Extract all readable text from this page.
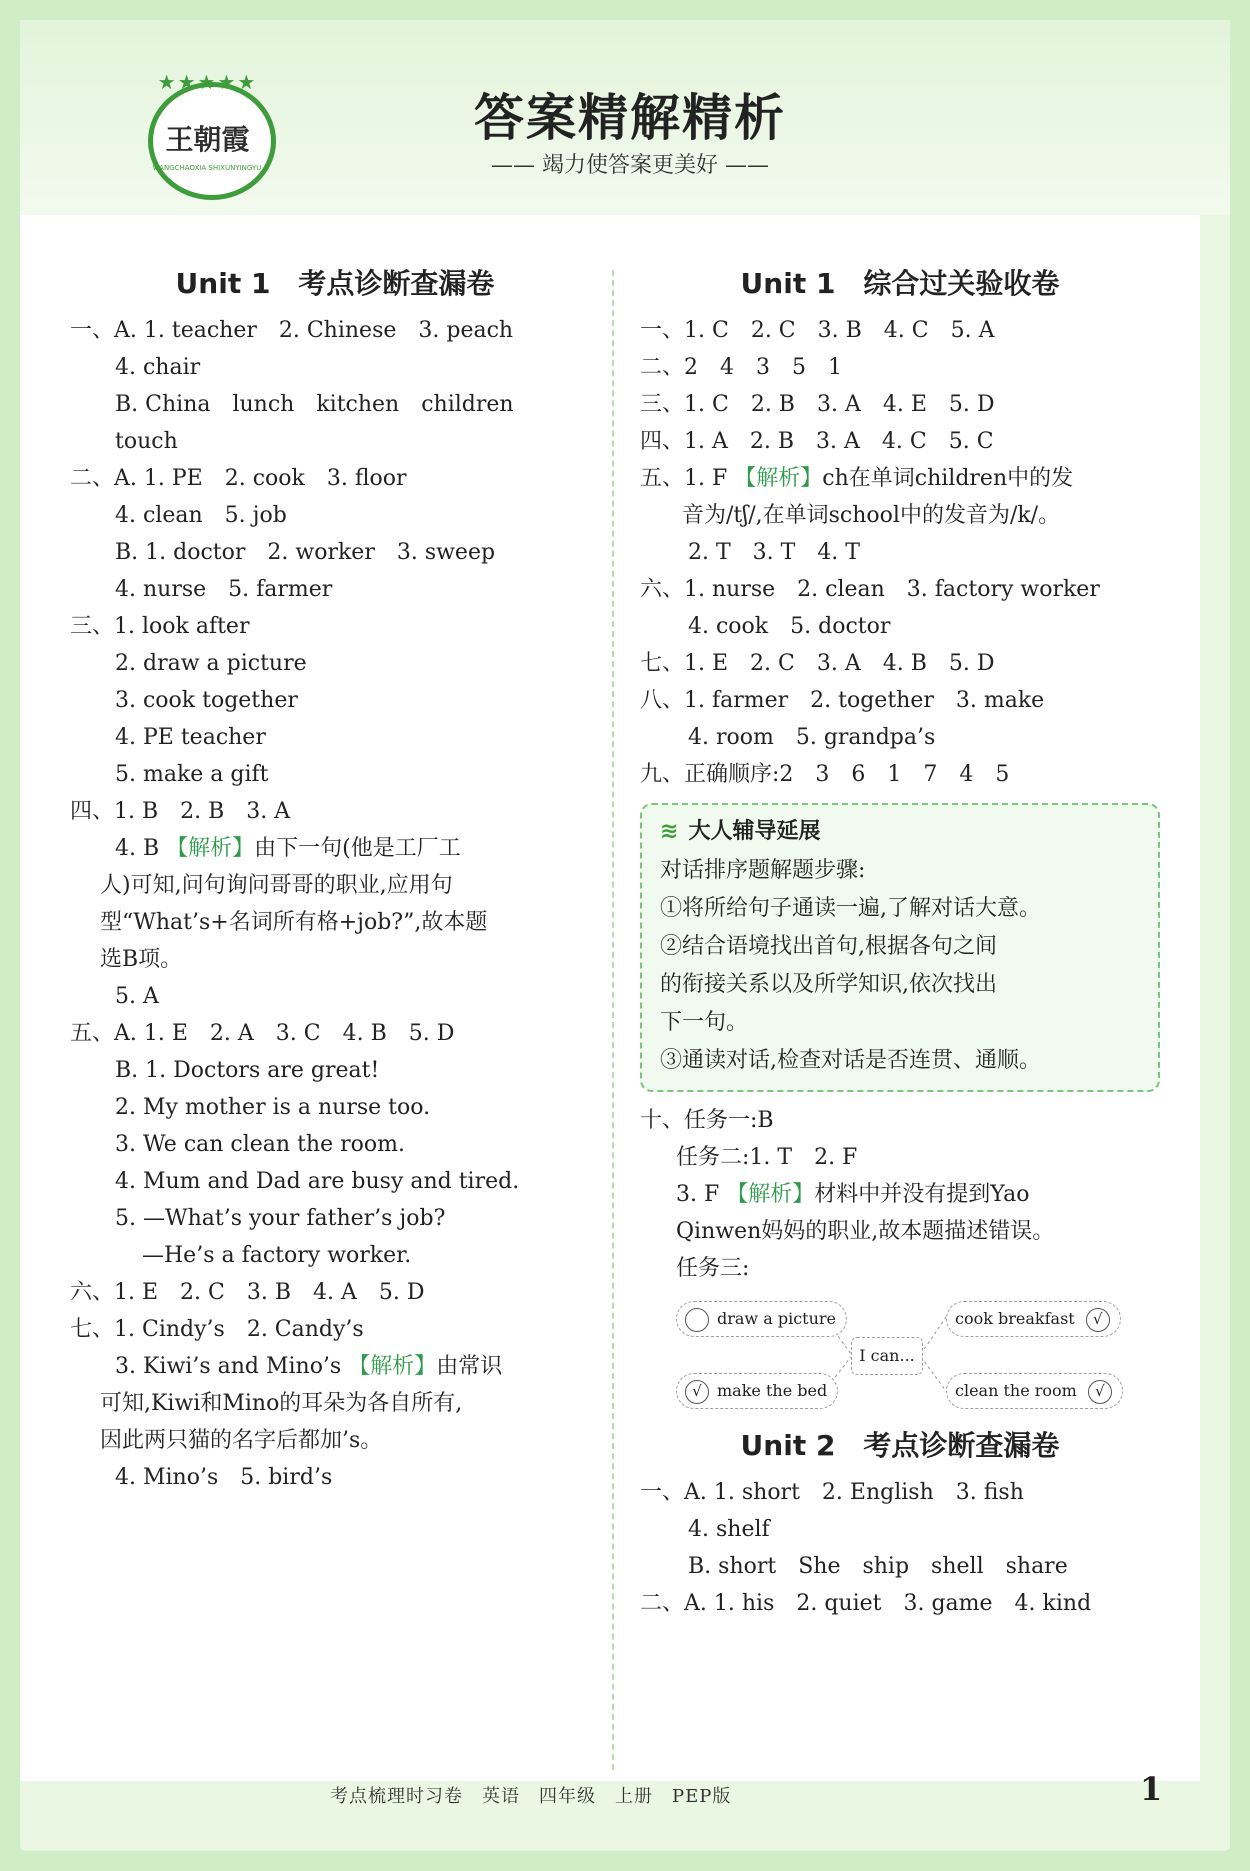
★★★★★
王朝霞
WANGCHAOXIA SHIXUNYINGYU
答案精解精析
—— 竭力使答案更美好 ——
Unit 1　考点诊断查漏卷
一、A. 1. teacher　2. Chinese　3. peach
4. chair
B. China　lunch　kitchen　children
touch
二、A. 1. PE　2. cook　3. floor
4. clean　5. job
B. 1. doctor　2. worker　3. sweep
4. nurse　5. farmer
三、1. look after
2. draw a picture
3. cook together
4. PE teacher
5. make a gift
四、1. B　2. B　3. A
4. B 【解析】由下一句(他是工厂工
人)可知,问句询问哥哥的职业,应用句
型“What’s+名词所有格+job?”,故本题
选B项。
5. A
五、A. 1. E　2. A　3. C　4. B　5. D
B. 1. Doctors are great!
2. My mother is a nurse too.
3. We can clean the room.
4. Mum and Dad are busy and tired.
5. —What’s your father’s job?
—He’s a factory worker.
六、1. E　2. C　3. B　4. A　5. D
七、1. Cindy’s　2. Candy’s
3. Kiwi’s and Mino’s 【解析】由常识
可知,Kiwi和Mino的耳朵为各自所有,
因此两只猫的名字后都加’s。
4. Mino’s　5. bird’s
Unit 1　综合过关验收卷
一、1. C　2. C　3. B　4. C　5. A
二、2　4　3　5　1
三、1. C　2. B　3. A　4. E　5. D
四、1. A　2. B　3. A　4. C　5. C
五、1. F 【解析】ch在单词children中的发
音为/tʃ/,在单词school中的发音为/k/。
2. T　3. T　4. T
六、1. nurse　2. clean　3. factory worker
4. cook　5. doctor
七、1. E　2. C　3. A　4. B　5. D
八、1. farmer　2. together　3. make
4. room　5. grandpa’s
九、正确顺序:2　3　6　1　7　4　5
≋ 大人辅导延展
对话排序题解题步骤:
①将所给句子通读一遍,了解对话大意。
②结合语境找出首句,根据各句之间
的衔接关系以及所学知识,依次找出
下一句。
③通读对话,检查对话是否连贯、通顺。
十、任务一:B
任务二:1. T　2. F
3. F 【解析】材料中并没有提到Yao
Qinwen妈妈的职业,故本题描述错误。
任务三:
draw a picture
√ make the bed
I can...
cook breakfast √
clean the room √
Unit 2　考点诊断查漏卷
一、A. 1. short　2. English　3. fish
4. shelf
B. short　She　ship　shell　share
二、A. 1. his　2. quiet　3. game　4. kind
考点梳理时习卷　英语　四年级　上册　PEP版	1
